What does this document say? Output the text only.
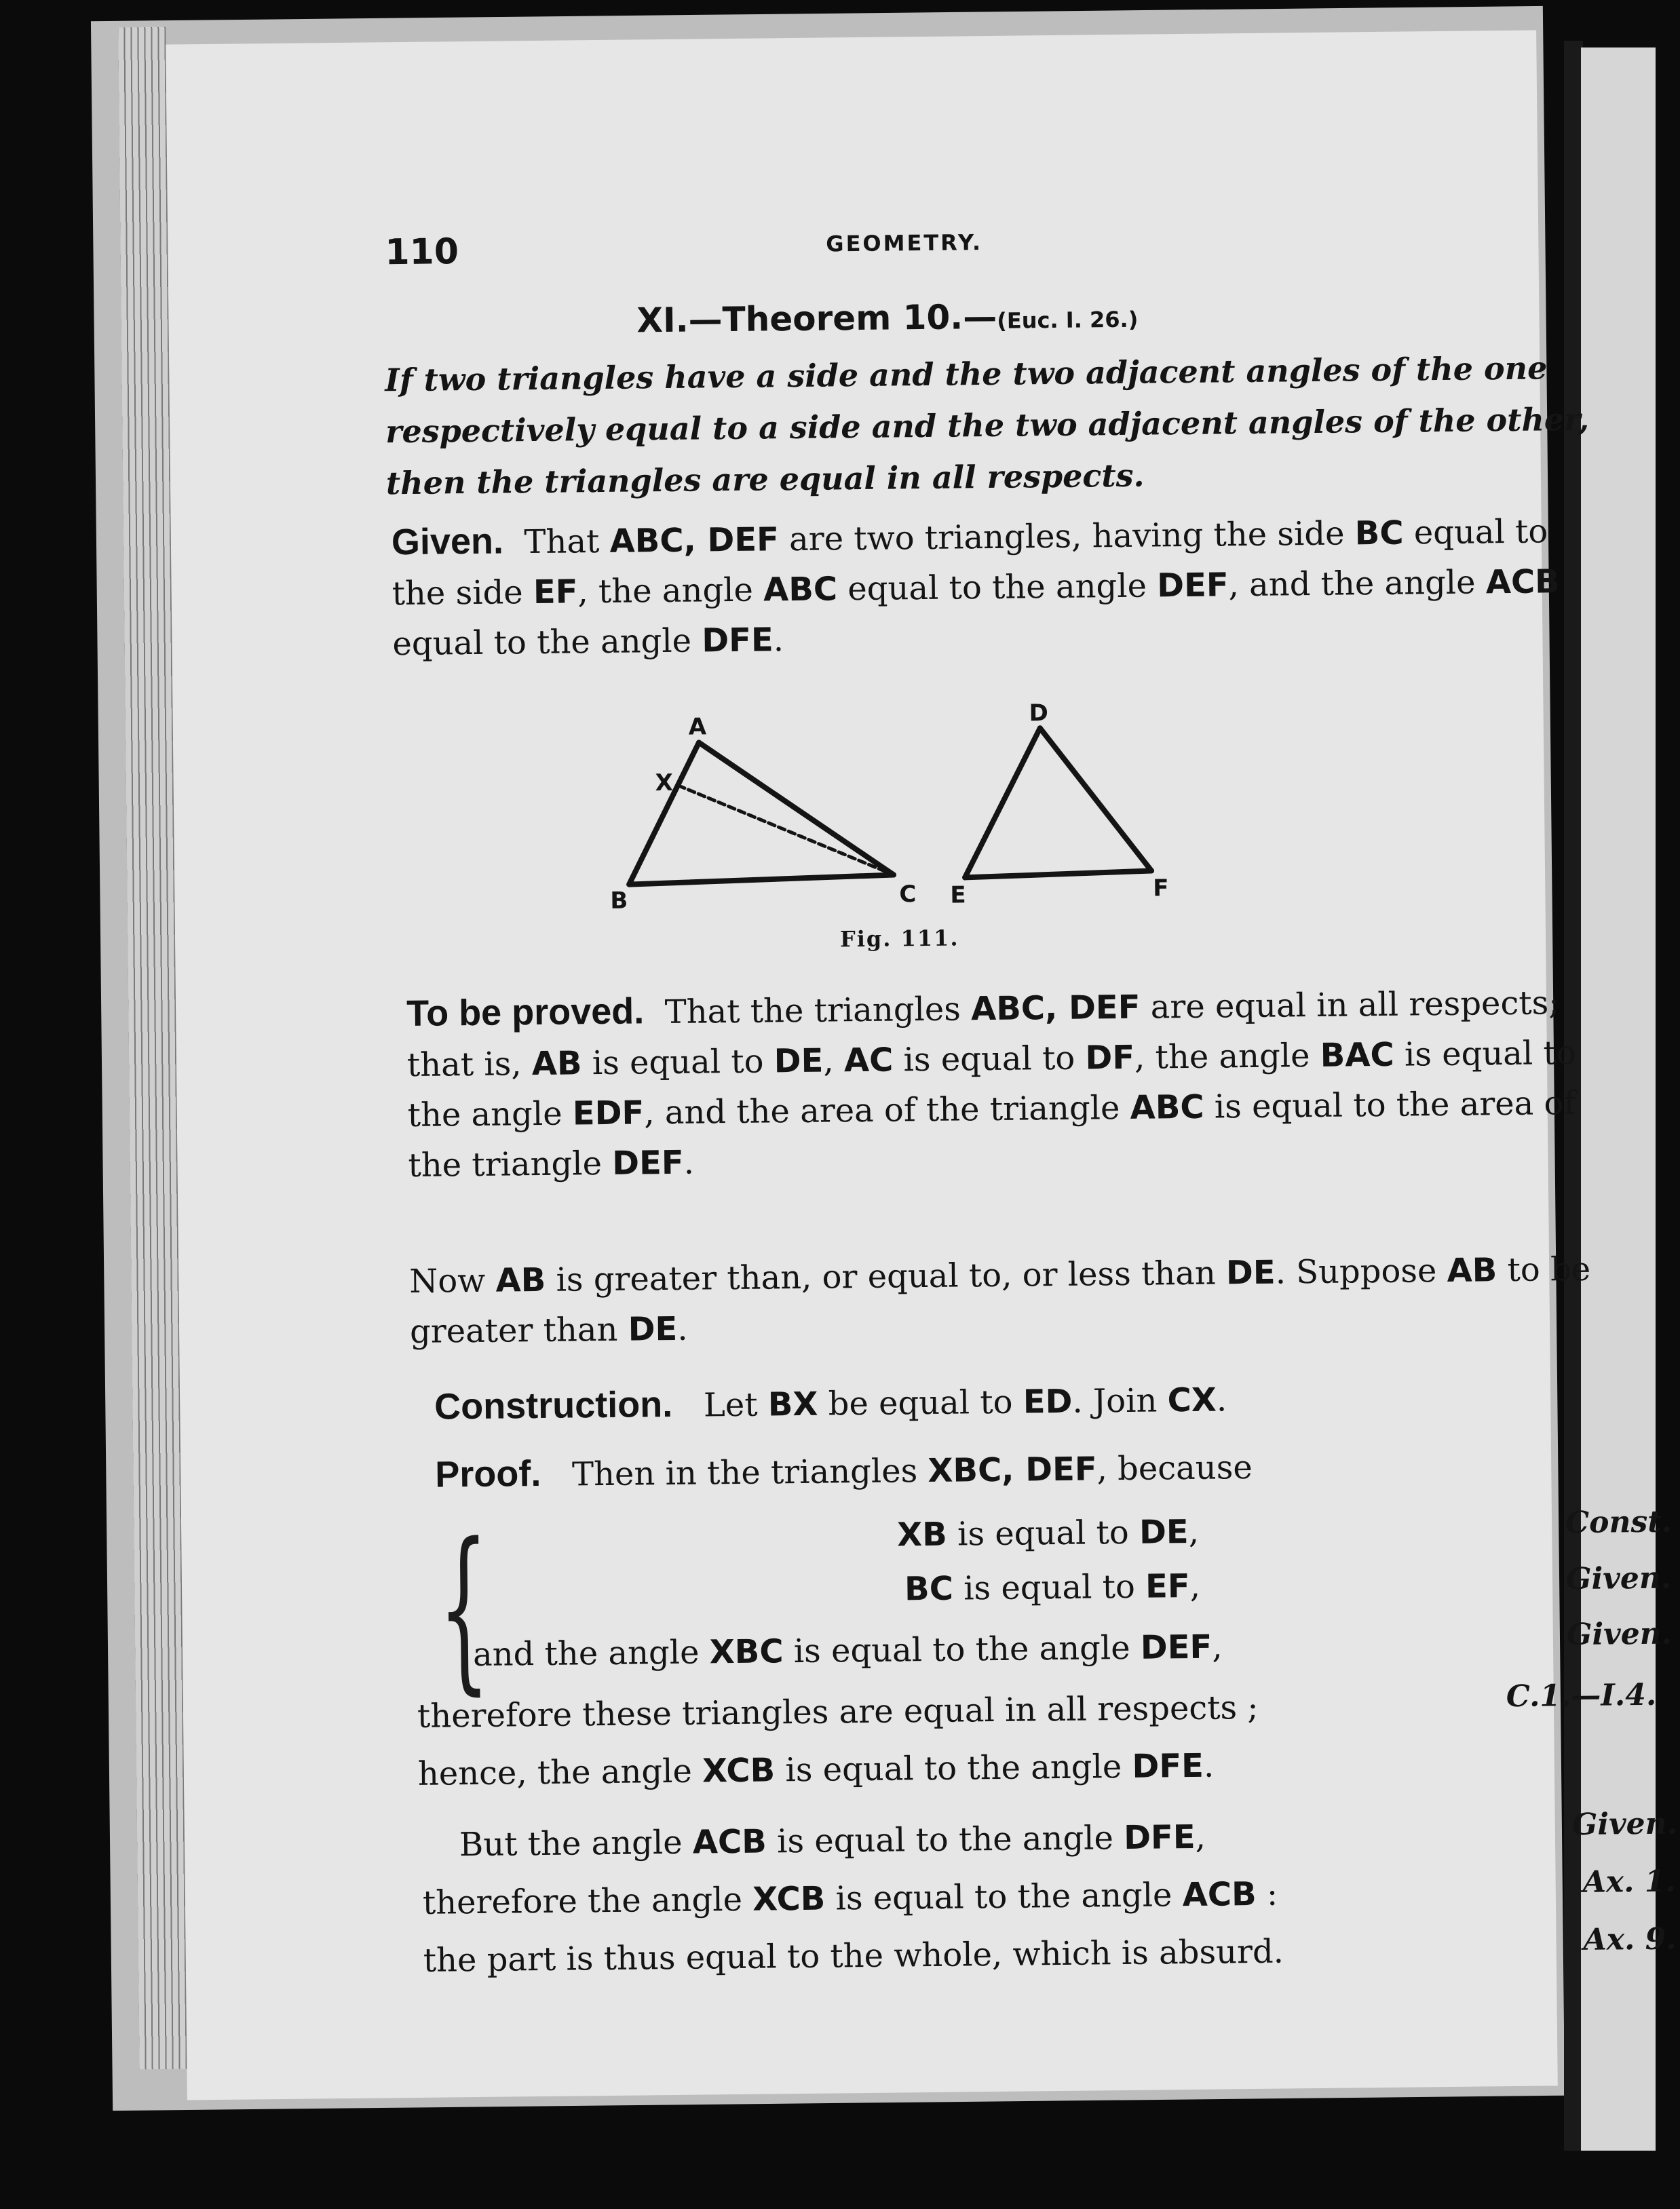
110	GEOMETRY.
XI.—Theorem 10.—(Euc. I. 26.)
If two triangles have a side and the two adjacent angles of the one respectively equal to a side and the two adjacent angles of the other, then the triangles are equal in all respects.
Given. That ABC, DEF are two triangles, having the side BC equal to the side EF, the angle ABC equal to the angle DEF, and the angle ACB equal to the angle DFE.
A
B	C
X
D
E	F
Fig. 111.
To be proved. That the triangles ABC, DEF are equal in all respects; that is, AB is equal to DE, AC is equal to DF, the angle BAC is equal to the angle EDF, and the area of the triangle ABC is equal to the area of the triangle DEF.
Now AB is greater than, or equal to, or less than DE. Suppose AB to be greater than DE.
Construction. Let BX be equal to ED. Join CX.
Proof. Then in the triangles XBC, DEF, because
{	XB is equal to DE,	Const.
BC is equal to EF,	Given.
and the angle XBC is equal to the angle DEF,	Given.
therefore these triangles are equal in all respects ;	C.1.—I.4.
hence, the angle XCB is equal to the angle DFE.
But the angle ACB is equal to the angle DFE,	Given.
therefore the angle XCB is equal to the angle ACB :	Ax. 1.
the part is thus equal to the whole, which is absurd.	Ax. 9.
